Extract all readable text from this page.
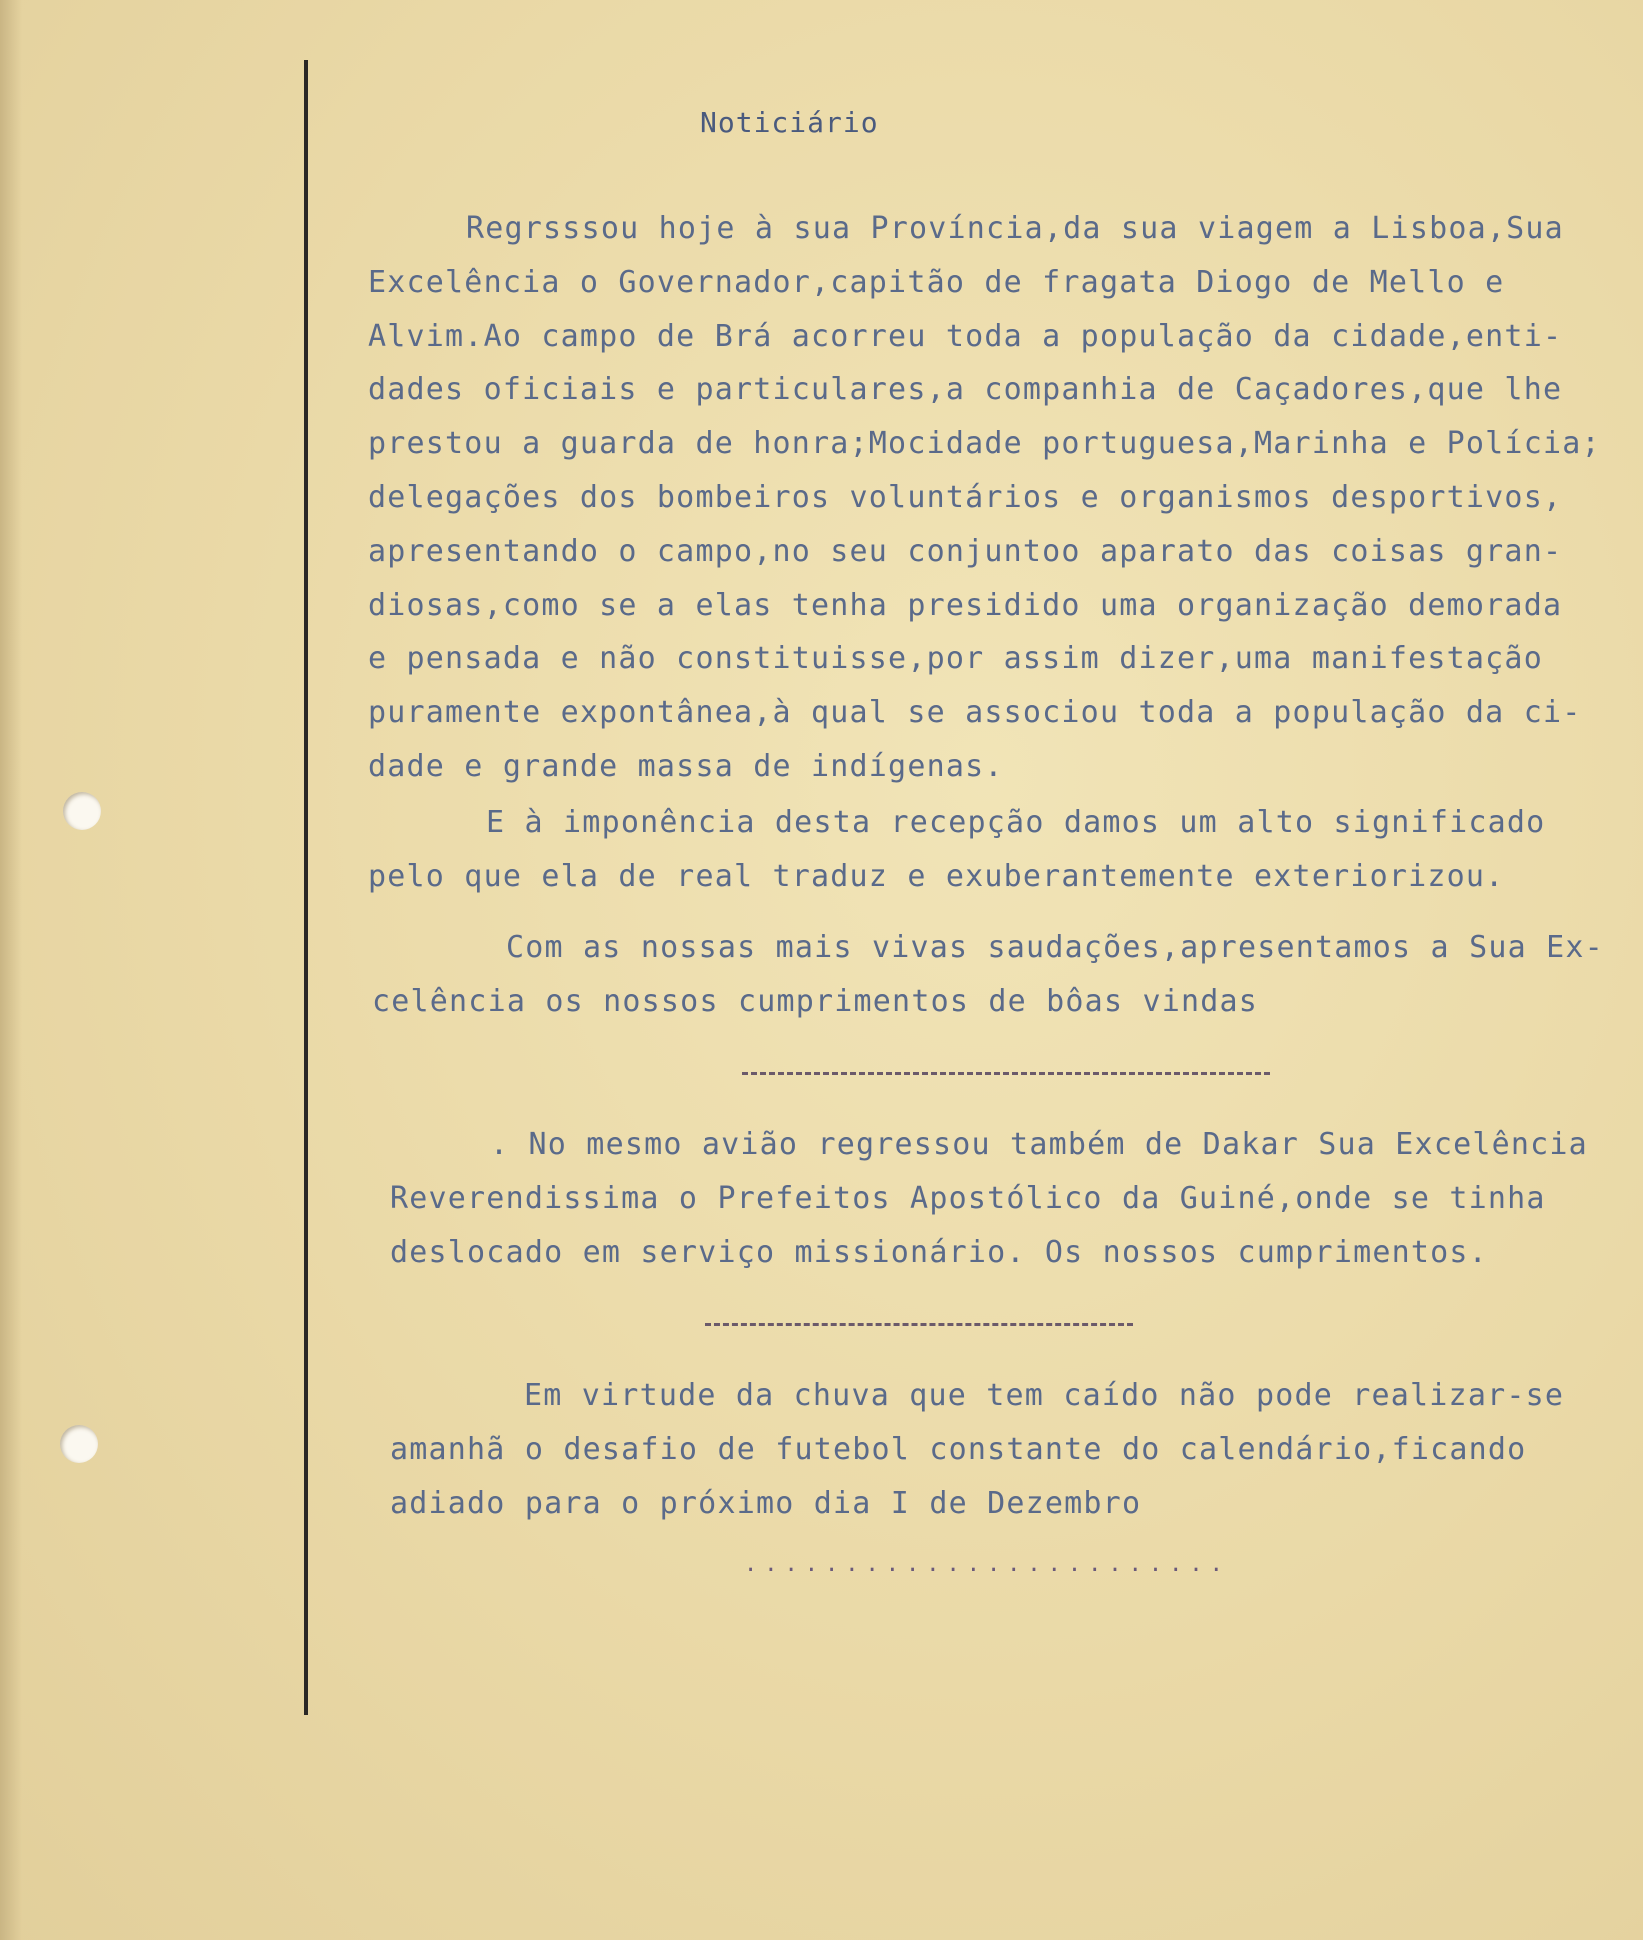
Noticiário
Regrsssou hoje à sua Província,da sua viagem a Lisboa,Sua
Excelência o Governador,capitão de fragata Diogo de Mello e
Alvim.Ao campo de Brá acorreu toda a população da cidade,enti-
dades oficiais e particulares,a companhia de Caçadores,que lhe
prestou a guarda de honra;Mocidade portuguesa,Marinha e Polícia;
delegações dos bombeiros voluntários e organismos desportivos,
apresentando o campo,no seu conjuntoo aparato das coisas gran-
diosas,como se a elas tenha presidido uma organização demorada
e pensada e não constituisse,por assim dizer,uma manifestação
puramente expontânea,à qual se associou toda a população da ci-
dade e grande massa de indígenas.
E à imponência desta recepção damos um alto significado
pelo que ela de real traduz e exuberantemente exteriorizou.
Com as nossas mais vivas saudações,apresentamos a Sua Ex-
celência os nossos cumprimentos de bôas vindas
. No mesmo avião regressou também de Dakar Sua Excelência
Reverendissima o Prefeitos Apostólico da Guiné,onde se tinha
deslocado em serviço missionário. Os nossos cumprimentos.
Em virtude da chuva que tem caído não pode realizar-se
amanhã o desafio de futebol constante do calendário,ficando
adiado para o próximo dia I de Dezembro
........................
